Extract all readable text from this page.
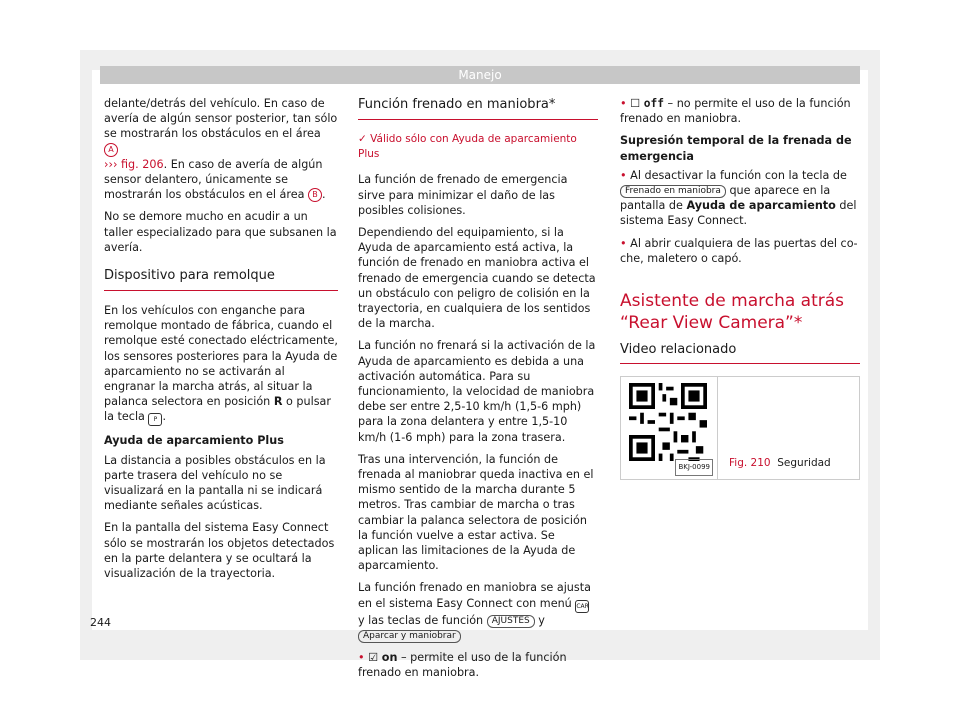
Manejo

delante/detrás del vehículo. En caso de avería de algún sensor posterior, tan sólo se mostrarán los obstáculos en el área A
››› fig. 206. En caso de avería de algún sensor delantero, únicamente se mostrarán los obstáculos en el área B .

No se demore mucho en acudir a un taller especializado para que subsanen la avería.

Dispositivo para remolque

En los vehículos con enganche para remolque montado de fábrica, cuando el remolque esté conectado eléctricamente, los sensores posteriores para la Ayuda de aparcamiento no se activarán al engranar la marcha atrás, al situar la palanca selectora en posición R o pulsar la tecla P .

Ayuda de aparcamiento Plus

La distancia a posibles obstáculos en la parte trasera del vehículo no se visualizará en la pantalla ni se indicará mediante señales acústicas.

En la pantalla del sistema Easy Connect sólo se mostrarán los objetos detectados en la parte delantera y se ocultará la visualización de la trayectoria.

Función frenado en maniobra*
✓ Válido sólo con Ayuda de aparcamiento Plus

La función de frenado de emergencia sirve para minimizar el daño de las posibles colisiones.

Dependiendo del equipamiento, si la Ayuda de aparcamiento está activa, la función de frenado en maniobra activa el frenado de emergencia cuando se detecta un obstáculo con peligro de colisión en la trayectoria, en cualquiera de los sentidos de la marcha.

La función no frenará si la activación de la Ayuda de aparcamiento es debida a una activación automática. Para su funcionamiento, la velocidad de maniobra debe ser entre 2,5-10 km/h (1,5-6 mph) para la zona delantera y entre 1,5-10 km/h (1-6 mph) para la zona trasera.

Tras una intervención, la función de frenada al maniobrar queda inactiva en el mismo sentido de la marcha durante 5 metros. Tras cambiar de marcha o tras cambiar la palanca selectora de posición la función vuelve a estar activa. Se aplican las limitaciones de la Ayuda de aparcamiento.

La función frenado en maniobra se ajusta en el sistema Easy Connect con menú CAR y las teclas de función AJUSTES y Aparcar y maniobrar

• ☑ on – permite el uso de la función frenado en maniobra.

• ☐ off – no permite el uso de la función frenado en maniobra.

Supresión temporal de la frenada de emergencia

• Al desactivar la función con la tecla de Frenado en maniobra que aparece en la pantalla de Ayuda de aparcamiento del sistema Easy Connect.

• Al abrir cualquiera de las puertas del coche, maletero o capó.

Asistente de marcha atrás
“Rear View Camera”*
Video relacionado
BKJ-0099 Fig. 210 Seguridad
244
